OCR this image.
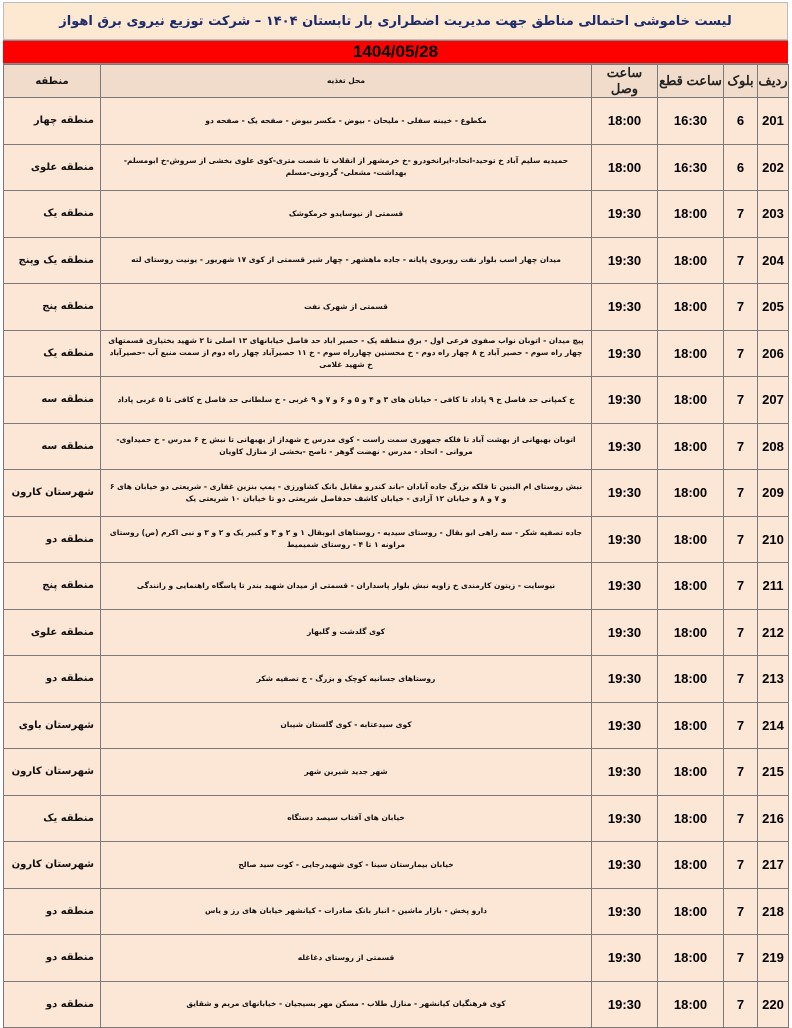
لیست خاموشی احتمالی مناطق جهت مدیریت اضطراری بار تابستان ۱۴۰۴ – شرکت توزیع نیروی برق اهواز
1404/05/28
ردیف	بلوک	ساعت قطع	ساعت وصل	محل تغذیه	منطقه
201	6	16:30	18:00	مکطوع - خیبنه سفلی - ملیحان - بیوض - مکسر بیوض - صفحه یک - صفحه دو	منطقه چهار
202	6	16:30	18:00	حمیدیه سلیم آباد خ توحید-اتحاد-ایرانخودرو -خ خرمشهر از انقلاب تا شصت متری-کوی علوی بخشی از سروش-خ ابومسلم- بهداشت- مشعلی- گردونی-مسلم	منطقه علوی
203	7	18:00	19:30	قسمتی از نیوسایدو خرمکوشک	منطقه یک
204	7	18:00	19:30	میدان چهار اسب بلوار نفت روبروی پایانه - جاده ماهشهر - چهار شیر قسمتی از کوی ۱۷ شهریور - یونیت روستای لته	منطقه یک وپنج
205	7	18:00	19:30	قسمتی از شهرک نفت	منطقه پنج
206	7	18:00	19:30	پیچ میدان - اتوبان نواب صفوی فرعی اول - برق منطقه یک - حصیر اباد حد فاصل خیابانهای ۱۳ اصلی تا ۲ شهید بختیاری قسمتهای چهار راه سوم - حصیر آباد خ ۸ چهار راه دوم - خ محسنین چهارراه سوم - خ ۱۱ حصیرآباد چهار راه دوم از سمت منبع آب -حصیرآباد خ شهید غلامی	منطقه یک
207	7	18:00	19:30	خ کمپانی حد فاصل خ ۹ پاداد تا کافی - خیابان های ۳ و ۴ و ۵ و ۶ و ۷ و ۹ غربی - خ سلطانی حد فاصل خ کافی تا ۵ غربی پاداد	منطقه سه
208	7	18:00	19:30	اتوبان بهبهانی از بهشت آباد تا فلکه جمهوری سمت راست - کوی مدرس خ شهداز از بهبهانی تا نبش خ ۶ مدرس - خ حمیداوی- مروانی - اتحاد - مدرس - نهضت گوهر - ناصح -بخشی از منازل کاویان	منطقه سه
209	7	18:00	19:30	نبش روستای ام البنین تا فلکه بزرگ جاده آبادان -باند کندرو مقابل بانک کشاورزی - پمپ بنزین غفاری - شریعتی دو خیابان های ۶ و ۷ و ۸ و خیابان ۱۲ آزادی - خیابان کاشف حدفاصل شریعتی دو تا خیابان ۱۰ شریعتی یک	شهرستان کارون
210	7	18:00	19:30	جاده تصفیه شکر - سه راهی ابو بقال - روستای سیدیه - روستاهای ابوبقال ۱ و ۲ و ۳ و کبیر یک و ۲ و ۳ و نبی اکرم (ص) روستای مراونه ۱ تا ۴ - روستای شمیمیط	منطقه دو
211	7	18:00	19:30	نیوسایت - زیتون کارمندی خ زاویه نبش بلوار پاسداران - قسمتی از میدان شهید بندر تا پاسگاه راهنمایی و رانندگی	منطقه پنج
212	7	18:00	19:30	کوی گلدشت و گلبهار	منطقه علوی
213	7	18:00	19:30	روستاهای جسانیه کوچک و بزرگ - خ تصفیه شکر	منطقه دو
214	7	18:00	19:30	کوی سیدعتابه - کوی گلستان شیبان	شهرستان باوی
215	7	18:00	19:30	شهر جدید شیرین شهر	شهرستان کارون
216	7	18:00	19:30	خیابان های آفتاب سیصد دستگاه	منطقه یک
217	7	18:00	19:30	خیابان بیمارستان سینا - کوی شهیدرجایی - کوت سید صالح	شهرستان کارون
218	7	18:00	19:30	دارو پخش - بازار ماشین - انبار بانک صادرات - کیانشهر خیابان های رز و یاس	منطقه دو
219	7	18:00	19:30	قسمتی از روستای دغاغله	منطقه دو
220	7	18:00	19:30	کوی فرهنگیان کیانشهر - منازل طلاب - مسکن مهر بسیجیان - خیابانهای مریم و شقایق	منطقه دو
